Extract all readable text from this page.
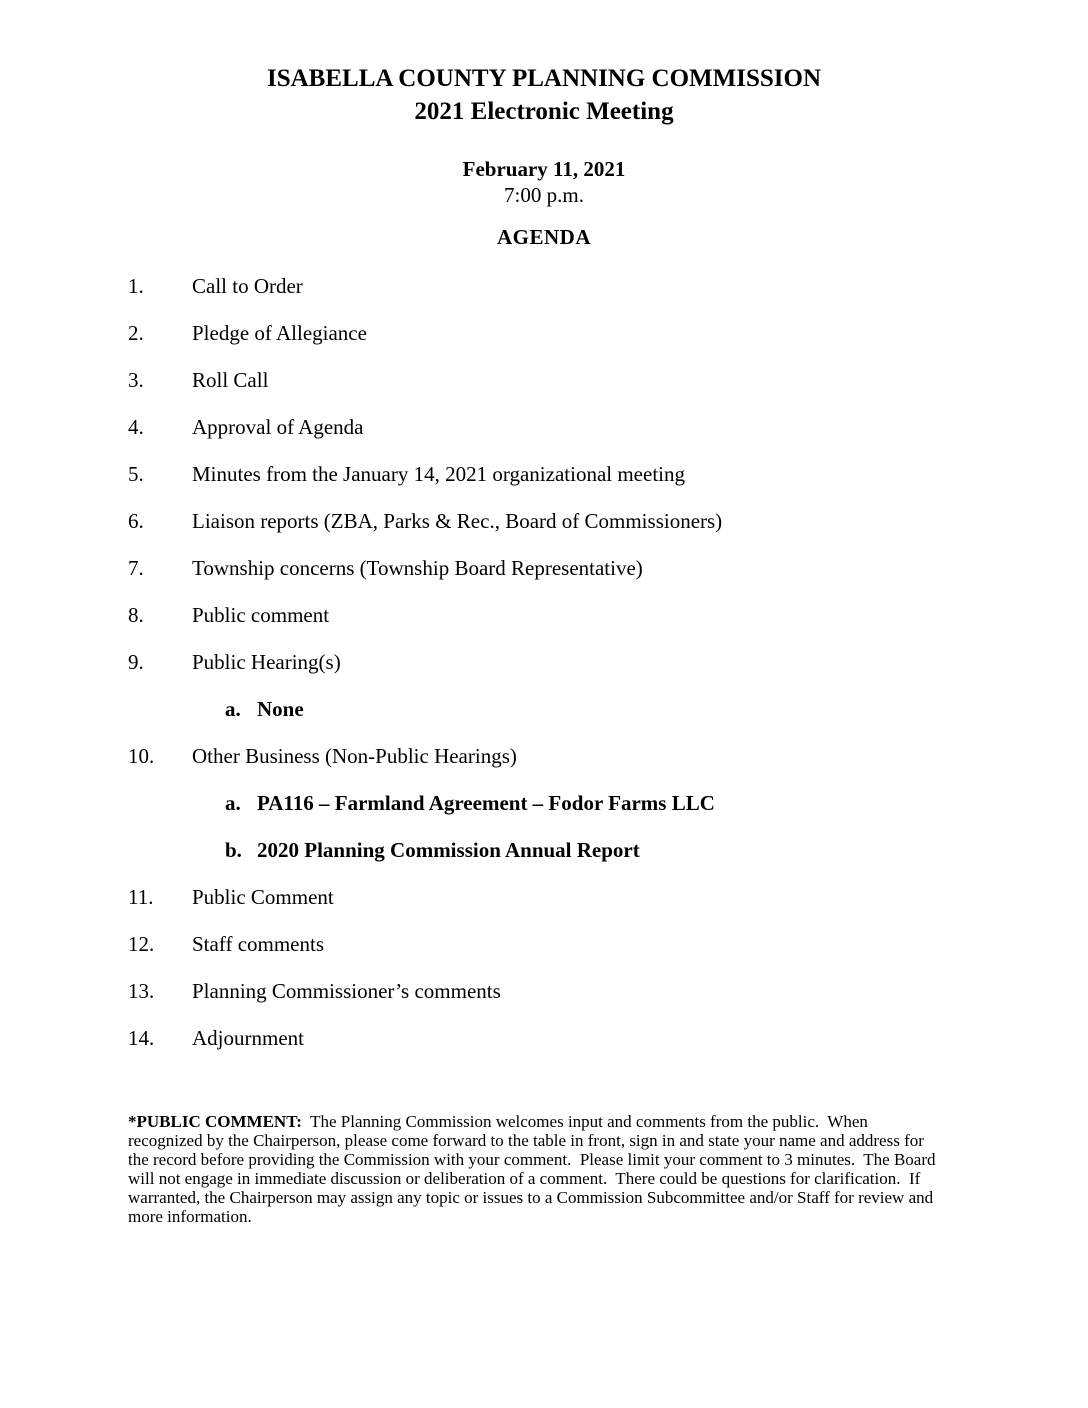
ISABELLA COUNTY PLANNING COMMISSION
2021 Electronic Meeting
February 11, 2021
7:00 p.m.
AGENDA
1. Call to Order
2. Pledge of Allegiance
3. Roll Call
4. Approval of Agenda
5. Minutes from the January 14, 2021 organizational meeting
6. Liaison reports (ZBA, Parks & Rec., Board of Commissioners)
7. Township concerns (Township Board Representative)
8. Public comment
9. Public Hearing(s)
a. None
10. Other Business (Non-Public Hearings)
a. PA116 – Farmland Agreement – Fodor Farms LLC
b. 2020 Planning Commission Annual Report
11. Public Comment
12. Staff comments
13. Planning Commissioner’s comments
14. Adjournment

*PUBLIC COMMENT:  The Planning Commission welcomes input and comments from the public.  When recognized by the Chairperson, please come forward to the table in front, sign in and state your name and address for the record before providing the Commission with your comment.  Please limit your comment to 3 minutes.  The Board will not engage in immediate discussion or deliberation of a comment.  There could be questions for clarification.  If warranted, the Chairperson may assign any topic or issues to a Commission Subcommittee and/or Staff for review and more information.
